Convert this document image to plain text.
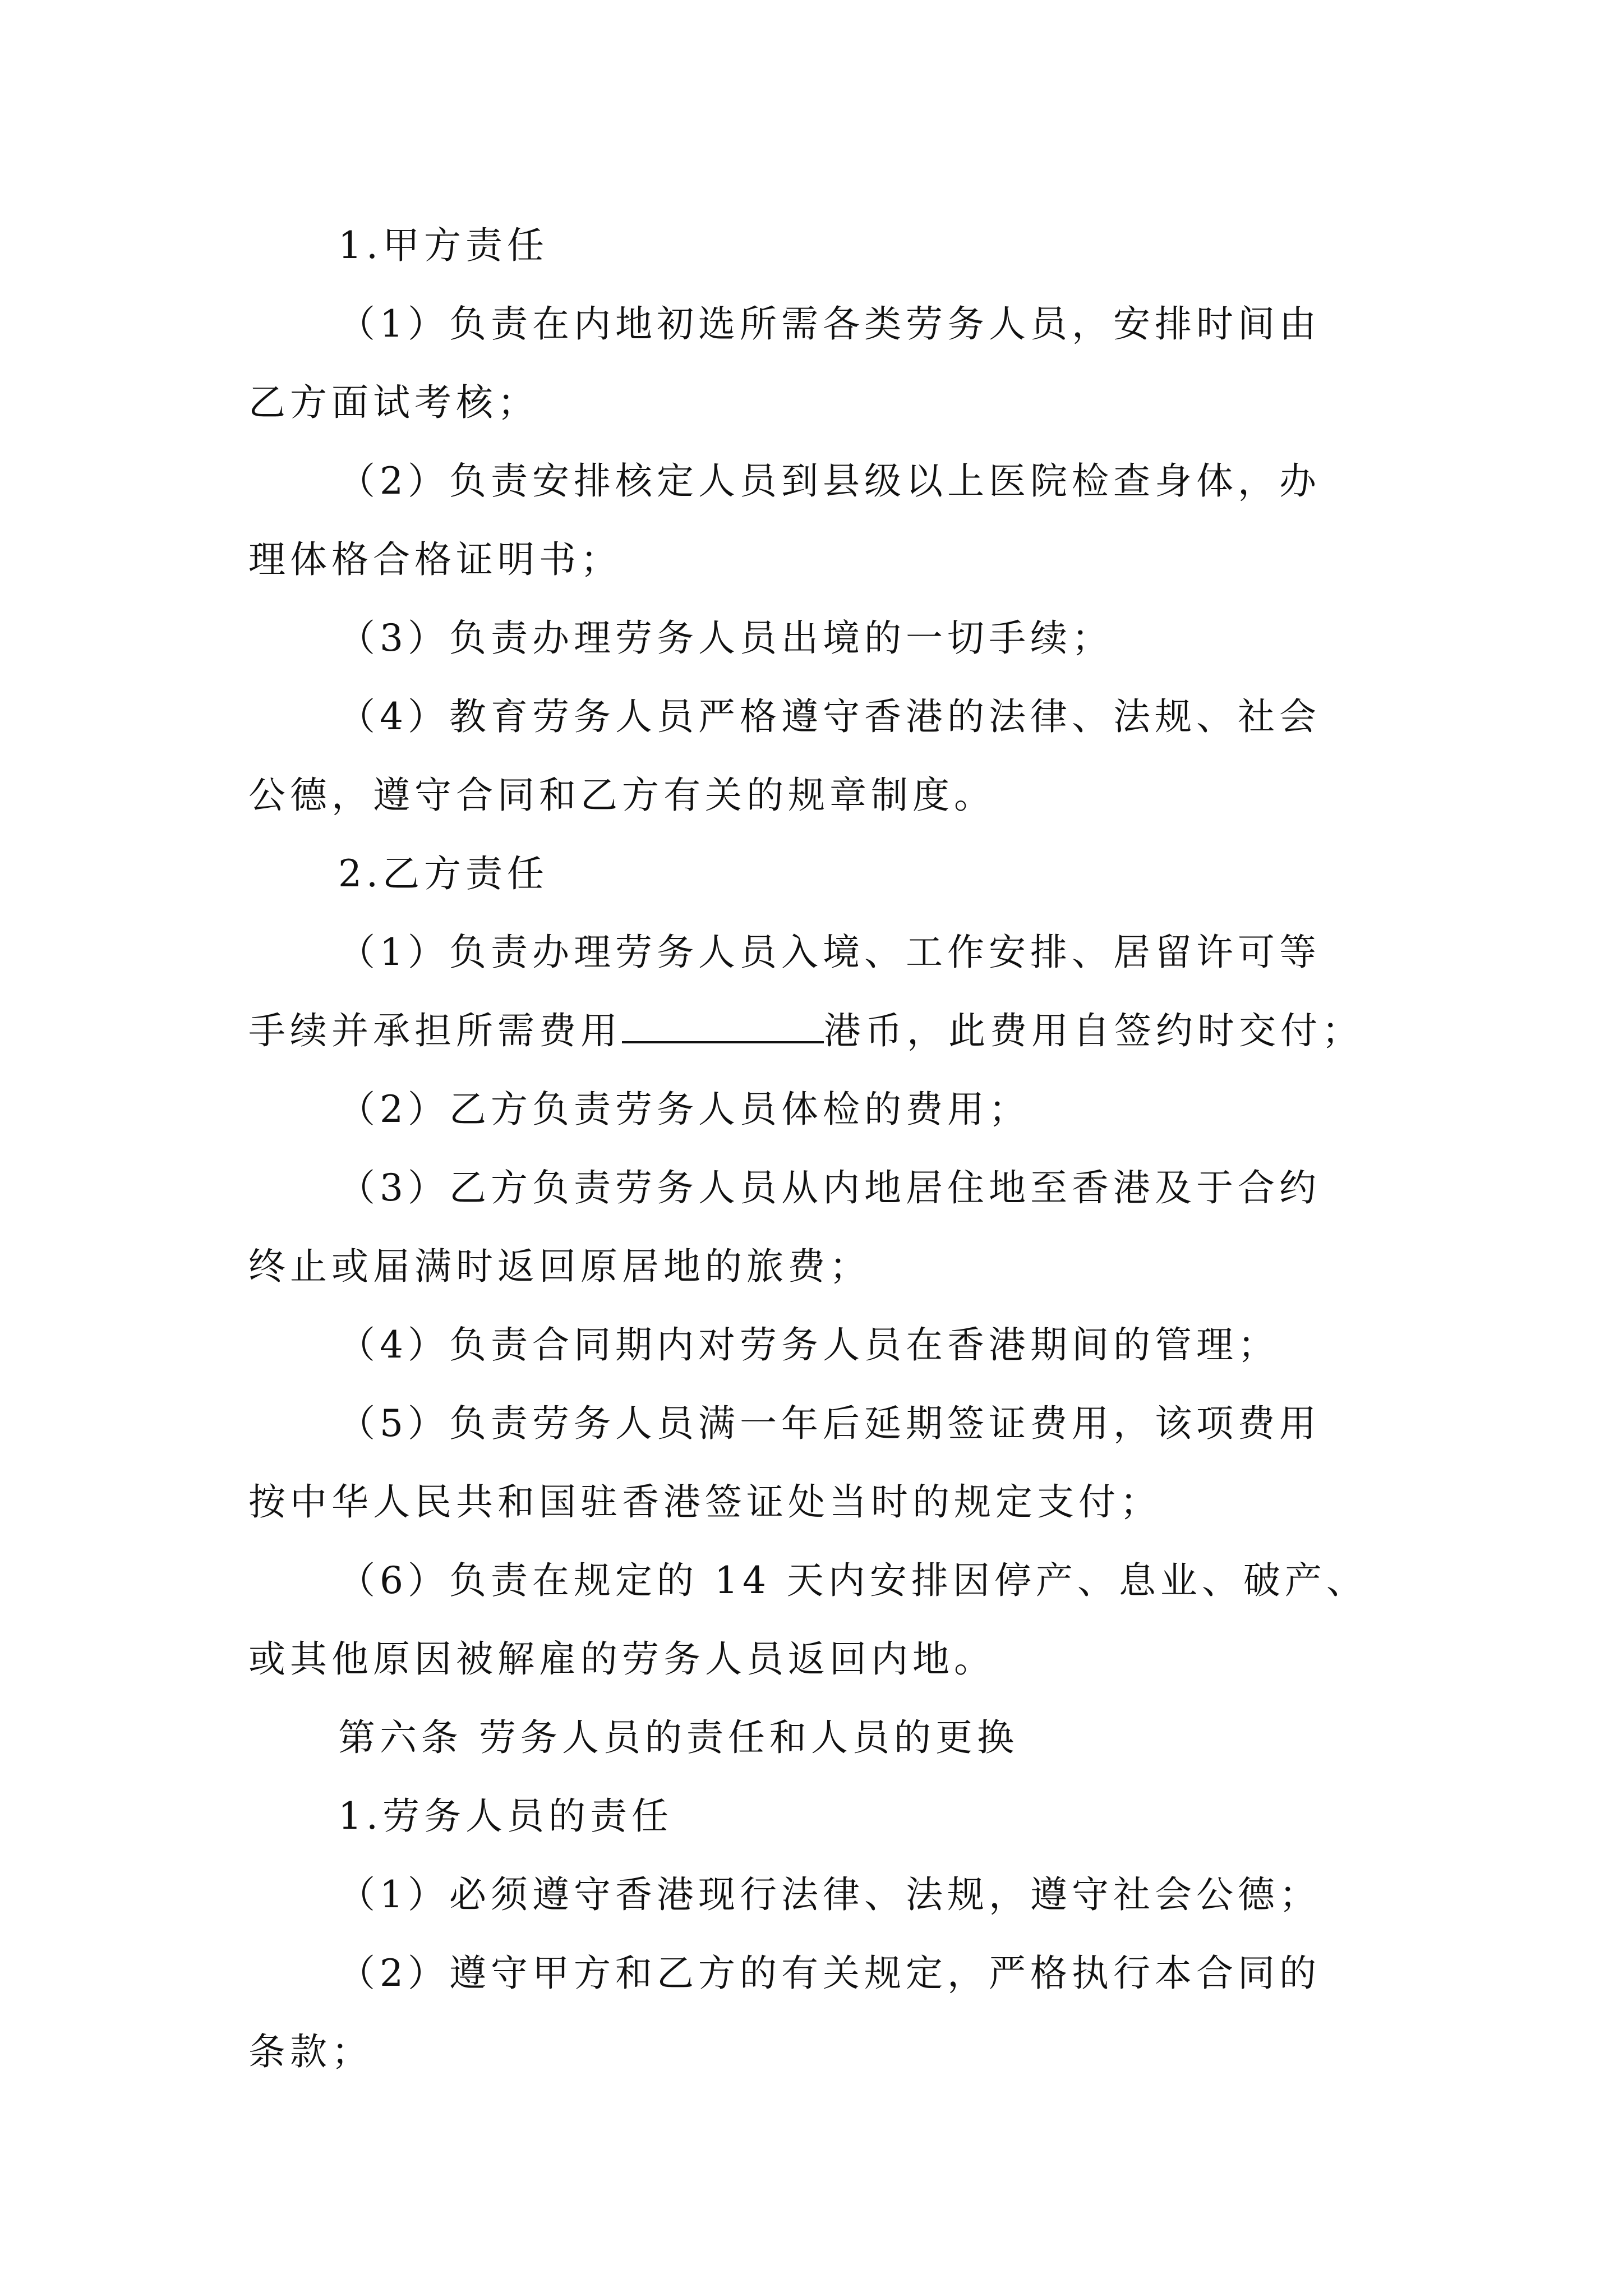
1.甲方责任

（1）负责在内地初选所需各类劳务人员，安排时间由

乙方面试考核；

（2）负责安排核定人员到县级以上医院检查身体，办

理体格合格证明书；

（3）负责办理劳务人员出境的一切手续；

（4）教育劳务人员严格遵守香港的法律、法规、社会

公德，遵守合同和乙方有关的规章制度。

2.乙方责任

（1）负责办理劳务人员入境、工作安排、居留许可等

手续并承担所需费用	港币，此费用自签约时交付；

（2）乙方负责劳务人员体检的费用；

（3）乙方负责劳务人员从内地居住地至香港及于合约

终止或届满时返回原居地的旅费；

（4）负责合同期内对劳务人员在香港期间的管理；

（5）负责劳务人员满一年后延期签证费用，该项费用

按中华人民共和国驻香港签证处当时的规定支付；

（6）负责在规定的 14 天内安排因停产、息业、破产、

或其他原因被解雇的劳务人员返回内地。

第六条 劳务人员的责任和人员的更换

1.劳务人员的责任

（1）必须遵守香港现行法律、法规，遵守社会公德；

（2）遵守甲方和乙方的有关规定，严格执行本合同的

条款；
